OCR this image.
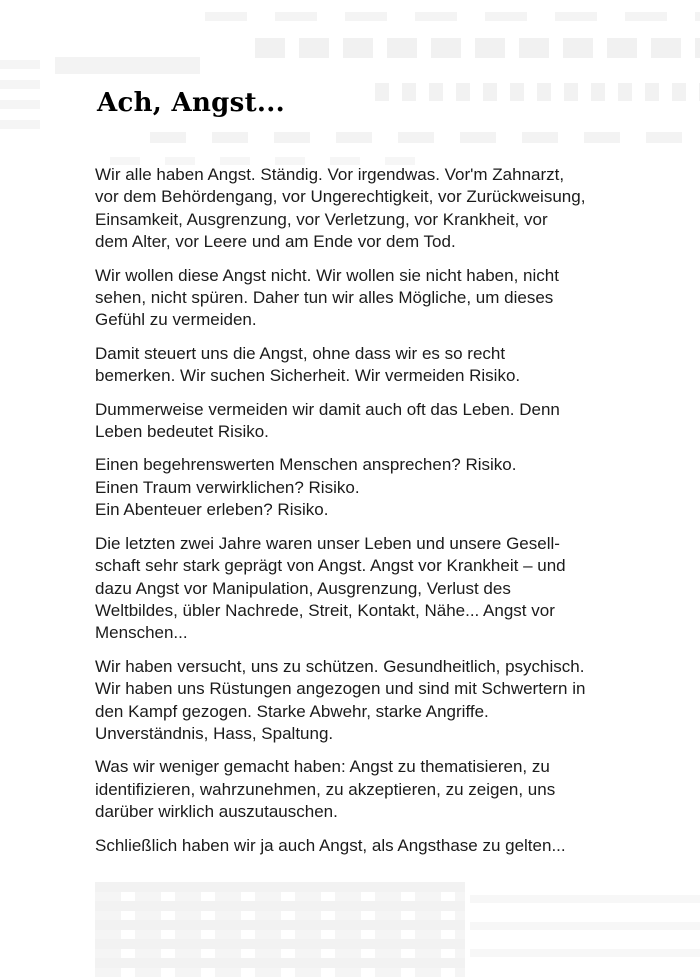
Ach, Angst...

Wir alle haben Angst. Ständig. Vor irgendwas. Vor'm Zahnarzt,
vor dem Behördengang, vor Ungerechtigkeit, vor Zurückweisung,
Einsamkeit, Ausgrenzung, vor Verletzung, vor Krankheit, vor
dem Alter, vor Leere und am Ende vor dem Tod.

Wir wollen diese Angst nicht. Wir wollen sie nicht haben, nicht
sehen, nicht spüren. Daher tun wir alles Mögliche, um dieses
Gefühl zu vermeiden.

Damit steuert uns die Angst, ohne dass wir es so recht
bemerken. Wir suchen Sicherheit. Wir vermeiden Risiko.

Dummerweise vermeiden wir damit auch oft das Leben. Denn
Leben bedeutet Risiko.

Einen begehrenswerten Menschen ansprechen? Risiko.
Einen Traum verwirklichen? Risiko.
Ein Abenteuer erleben? Risiko.

Die letzten zwei Jahre waren unser Leben und unsere Gesell-
schaft sehr stark geprägt von Angst. Angst vor Krankheit – und
dazu Angst vor Manipulation, Ausgrenzung, Verlust des
Weltbildes, übler Nachrede, Streit, Kontakt, Nähe... Angst vor
Menschen...

Wir haben versucht, uns zu schützen. Gesundheitlich, psychisch.
Wir haben uns Rüstungen angezogen und sind mit Schwertern in
den Kampf gezogen. Starke Abwehr, starke Angriffe.
Unverständnis, Hass, Spaltung.

Was wir weniger gemacht haben: Angst zu thematisieren, zu
identifizieren, wahrzunehmen, zu akzeptieren, zu zeigen, uns
darüber wirklich auszutauschen.

Schließlich haben wir ja auch Angst, als Angsthase zu gelten...
